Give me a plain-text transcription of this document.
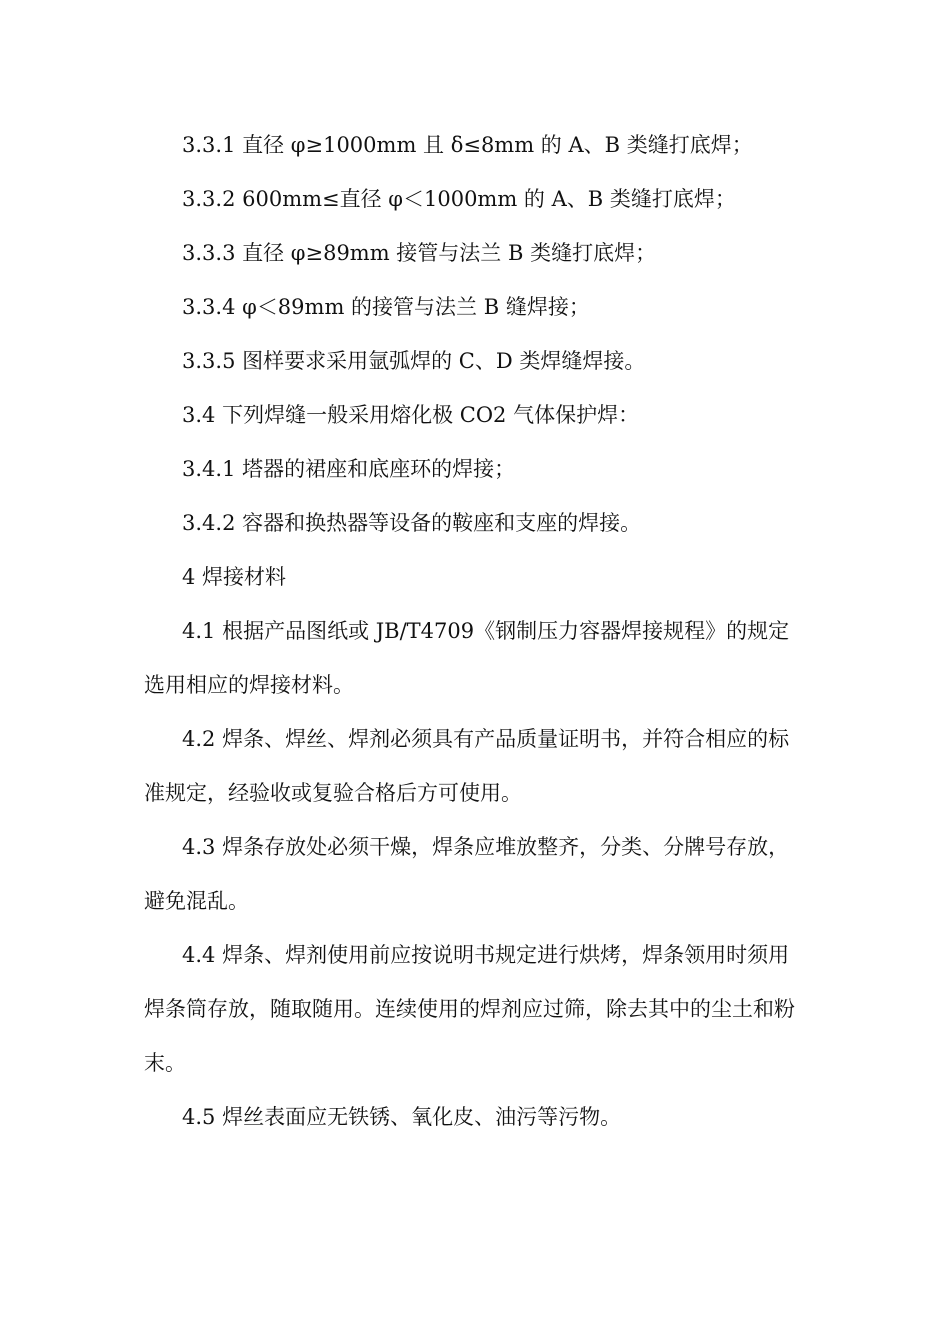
3.3.1 直径 φ≥1000mm 且 δ≤8mm 的 A、B 类缝打底焊；

3.3.2 600mm≤直径 φ＜1000mm 的 A、B 类缝打底焊；

3.3.3 直径 φ≥89mm 接管与法兰 B 类缝打底焊；

3.3.4 φ＜89mm 的接管与法兰 B 缝焊接；

3.3.5 图样要求采用氩弧焊的 C、D 类焊缝焊接。

3.4 下列焊缝一般采用熔化极 CO2 气体保护焊：

3.4.1 塔器的裙座和底座环的焊接；

3.4.2 容器和换热器等设备的鞍座和支座的焊接。

4 焊接材料

4.1 根据产品图纸或 JB/T4709《钢制压力容器焊接规程》的规定选用相应的焊接材料。

4.2 焊条、焊丝、焊剂必须具有产品质量证明书，并符合相应的标准规定，经验收或复验合格后方可使用。

4.3 焊条存放处必须干燥，焊条应堆放整齐，分类、分牌号存放，避免混乱。

4.4 焊条、焊剂使用前应按说明书规定进行烘烤，焊条领用时须用焊条筒存放，随取随用。连续使用的焊剂应过筛，除去其中的尘土和粉末。

4.5 焊丝表面应无铁锈、氧化皮、油污等污物。
